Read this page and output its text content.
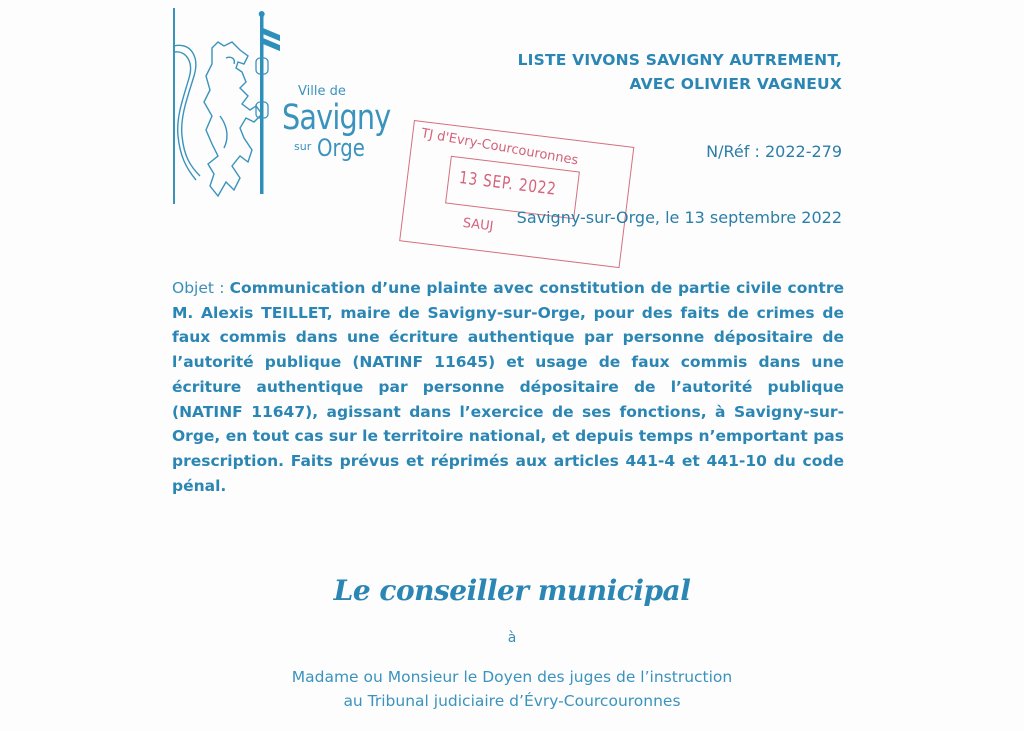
Ville de
Savigny
sur Orge
LISTE VIVONS SAVIGNY AUTREMENT,
AVEC OLIVIER VAGNEUX
N/Réf : 2022-279
TJ d'Evry-Courcouronnes
13 SEP. 2022
SAUJ Savigny-sur-Orge, le 13 septembre 2022
Objet : Communication d’une plainte avec constitution de partie civile contre M. Alexis TEILLET, maire de Savigny-sur-Orge, pour des faits de crimes de faux commis dans une écriture authentique par personne dépositaire de l’autorité publique (NATINF 11645) et usage de faux commis dans une écriture authentique par personne dépositaire de l’autorité publique (NATINF 11647), agissant dans l’exercice de ses fonctions, à Savigny-sur-Orge, en tout cas sur le territoire national, et depuis temps n’emportant pas prescription. Faits prévus et réprimés aux articles 441-4 et 441-10 du code pénal.
Le conseiller municipal
à
Madame ou Monsieur le Doyen des juges de l’instruction
au Tribunal judiciaire d’Évry-Courcouronnes
